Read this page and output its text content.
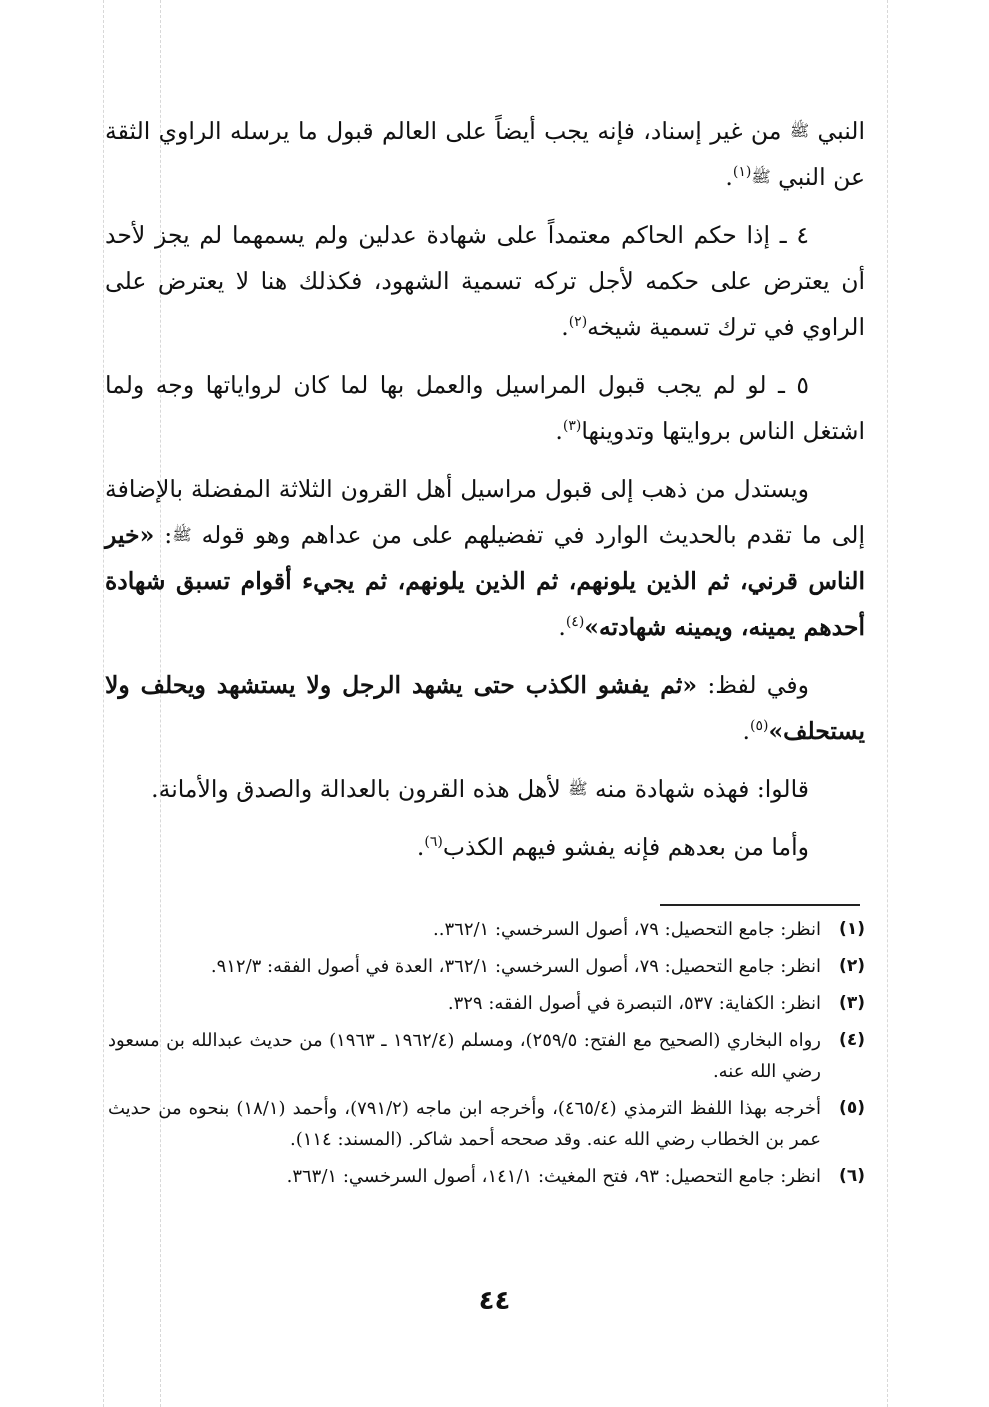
النبي ﷺ من غير إسناد، فإنه يجب أيضاً على العالم قبول ما يرسله الراوي الثقة عن النبي ﷺ$^{(١)}$.

٤ ـ إذا حكم الحاكم معتمداً على شهادة عدلين ولم يسمهما لم يجز لأحد أن يعترض على حكمه لأجل تركه تسمية الشهود، فكذلك هنا لا يعترض على الراوي في ترك تسمية شيخه$^{(٢)}$.

٥ ـ لو لم يجب قبول المراسيل والعمل بها لما كان لرواياتها وجه ولما اشتغل الناس بروايتها وتدوينها$^{(٣)}$.

ويستدل من ذهب إلى قبول مراسيل أهل القرون الثلاثة المفضلة بالإضافة إلى ما تقدم بالحديث الوارد في تفضيلهم على من عداهم وهو قوله ﷺ: «خير الناس قرني، ثم الذين يلونهم، ثم الذين يلونهم، ثم يجيء أقوام تسبق شهادة أحدهم يمينه، ويمينه شهادته»$^{(٤)}$.

وفي لفظ: «ثم يفشو الكذب حتى يشهد الرجل ولا يستشهد ويحلف ولا يستحلف»$^{(٥)}$.

قالوا: فهذه شهادة منه ﷺ لأهل هذه القرون بالعدالة والصدق والأمانة.

وأما من بعدهم فإنه يفشو فيهم الكذب$^{(٦)}$.

(١)
انظر: جامع التحصيل: ٧٩، أصول السرخسي: ٣٦٢/١..
(٢)
انظر: جامع التحصيل: ٧٩، أصول السرخسي: ٣٦٢/١، العدة في أصول الفقه: ٩١٢/٣.
(٣)
انظر: الكفاية: ٥٣٧، التبصرة في أصول الفقه: ٣٢٩.
(٤)
رواه البخاري (الصحيح مع الفتح: ٢٥٩/٥)، ومسلم (١٩٦٢/٤ ـ ١٩٦٣) من حديث عبدالله بن مسعود رضي الله عنه.
(٥)
أخرجه بهذا اللفظ الترمذي (٤٦٥/٤)، وأخرجه ابن ماجه (٧٩١/٢)، وأحمد (١٨/١) بنحوه من حديث عمر بن الخطاب رضي الله عنه. وقد صححه أحمد شاكر. (المسند: ١١٤).
(٦)
انظر: جامع التحصيل: ٩٣، فتح المغيث: ١٤١/١، أصول السرخسي: ٣٦٣/١.
٤٤
